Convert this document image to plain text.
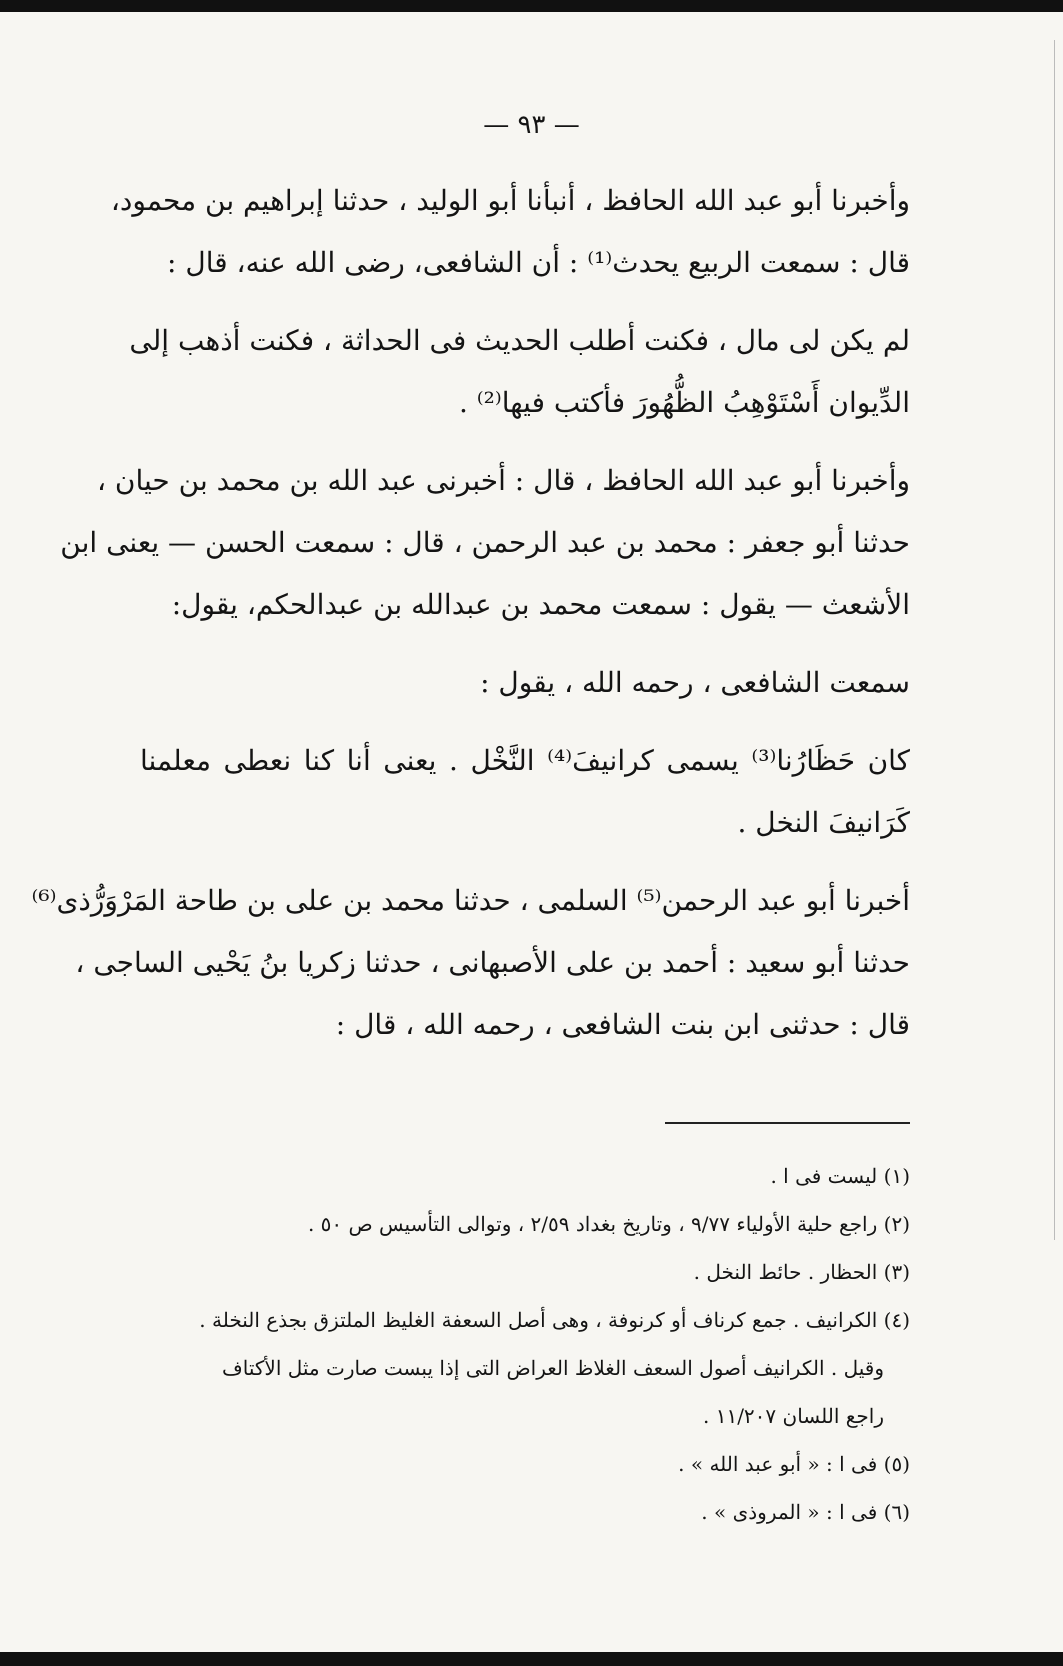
— ٩٣ —
وأخبرنا أبو عبد الله الحافظ ، أنبأنا أبو الوليد ، حدثنا إبراهيم بن محمود،
قال : سمعت الربيع يحدث⁽¹⁾ : أن الشافعى، رضى الله عنه، قال :
لم يكن لى مال ، فكنت أطلب الحديث فى الحداثة ، فكنت أذهب إلى
الدِّيوان أَسْتَوْهِبُ الظُّهُورَ فأكتب فيها⁽²⁾ .
وأخبرنا أبو عبد الله الحافظ ، قال : أخبرنى عبد الله بن محمد بن حيان ،
حدثنا أبو جعفر : محمد بن عبد الرحمن ، قال : سمعت الحسن — يعنى ابن
الأشعث — يقول : سمعت محمد بن عبدالله بن عبدالحكم، يقول:
سمعت الشافعى ، رحمه الله ، يقول :
كان حَظَارُنا⁽³⁾ يسمى كرانيفَ⁽⁴⁾ النَّخْل . يعنى أنا كنا نعطى معلمنا
كَرَانيفَ النخل .
أخبرنا أبو عبد الرحمن⁽⁵⁾ السلمى ، حدثنا محمد بن على بن طاحة المَرْوَرُّذى⁽⁶⁾
حدثنا أبو سعيد : أحمد بن على الأصبهانى ، حدثنا زكريا بنُ يَحْيى الساجى ،
قال : حدثنى ابن بنت الشافعى ، رحمه الله ، قال :
(١) ليست فى ا .
(٢) راجع حلية الأولياء ٩/٧٧ ، وتاريخ بغداد ٢/٥٩ ، وتوالى التأسيس ص ٥٠ .
(٣) الحظار . حائط النخل .
(٤) الكرانيف . جمع كرناف أو كرنوفة ، وهى أصل السعفة الغليظ الملتزق بجذع النخلة .
وقيل . الكرانيف أصول السعف الغلاظ العراض التى إذا يبست صارت مثل الأكتاف
راجع اللسان ١١/٢٠٧ .
(٥) فى ا : « أبو عبد الله » .
(٦) فى ا : « المروذى » .
